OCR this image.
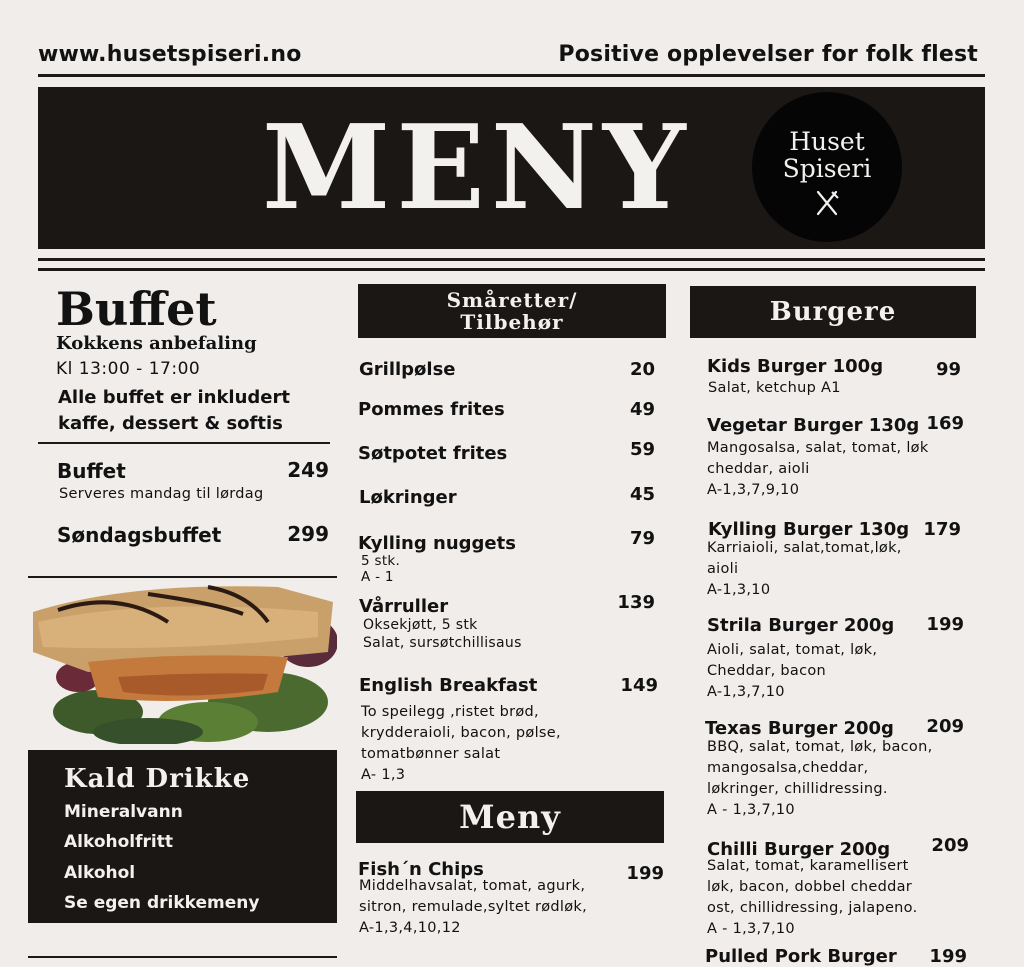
www.husetspiseri.no	Positive opplevelser for folk flest
MENY	Huset
Spiseri
Buffet
Kokkens anbefaling
Kl 13:00 - 17:00
Alle buffet er inkludert
kaffe, dessert & softis
Buffet	249
Serveres mandag til lørdag
Søndagsbuffet	299
Kald Drikke
Mineralvann
Alkoholfritt
Alkohol
Se egen drikkemeny
Småretter/
Tilbehør
Grillpølse	20
Pommes frites	49
Søtpotet frites	59
Løkringer	45
Kylling nuggets	79
5 stk.
A - 1
Vårruller	139
Oksekjøtt, 5 stk
Salat, sursøtchillisaus
English Breakfast	149
To speilegg ,ristet brød,
krydderaioli, bacon, pølse,
tomatbønner salat
A- 1,3
Meny
Fish´n Chips	199
Middelhavsalat, tomat, agurk,
sitron, remulade,syltet rødløk,
A-1,3,4,10,12
Burgere
Kids Burger 100g	99
Salat, ketchup A1
Vegetar Burger 130g 169
Mangosalsa, salat, tomat, løk
cheddar, aioli
A-1,3,7,9,10
Kylling Burger 130g 179
Karriaioli, salat,tomat,løk,
aioli
A-1,3,10
Strila Burger 200g 199
Aioli, salat, tomat, løk,
Cheddar, bacon
A-1,3,7,10
Texas Burger 200g 209
BBQ, salat, tomat, løk, bacon,
mangosalsa,cheddar,
løkringer, chillidressing.
A - 1,3,7,10
Chilli Burger 200g 209
Salat, tomat, karamellisert
løk, bacon, dobbel cheddar
ost, chillidressing, jalapeno.
A - 1,3,7,10
Pulled Pork Burger 199
